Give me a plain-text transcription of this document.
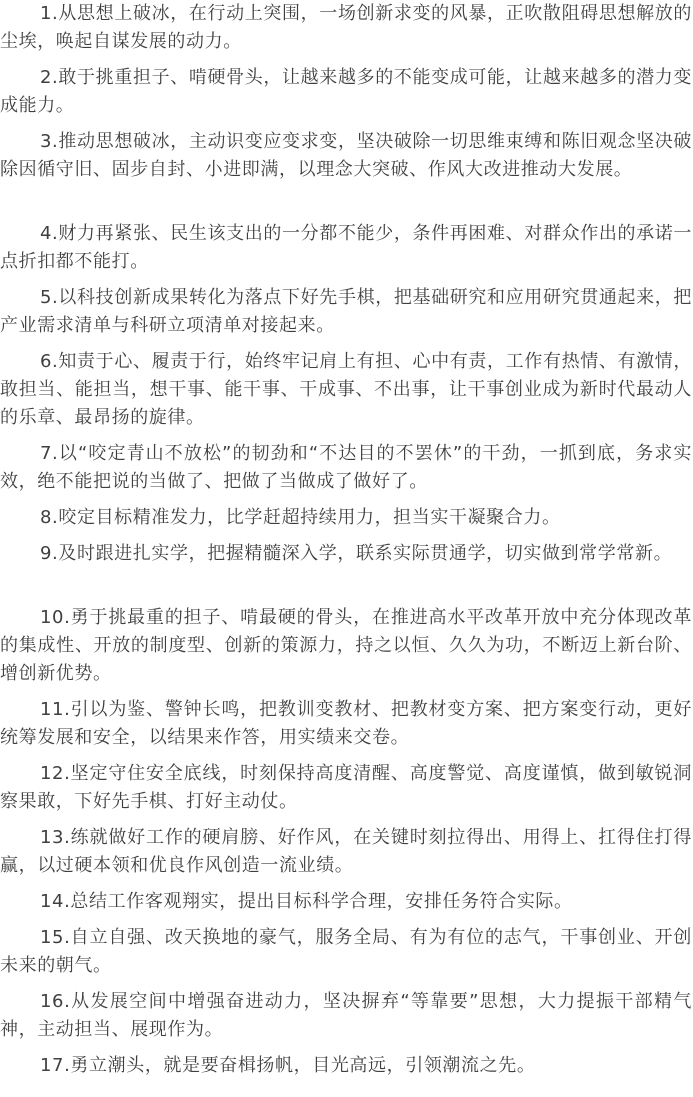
1.从思想上破冰，在行动上突围，一场创新求变的风暴，正吹散阻碍思想解放的尘埃，唤起自谋发展的动力。

2.敢于挑重担子、啃硬骨头，让越来越多的不能变成可能，让越来越多的潜力变成能力。

3.推动思想破冰，主动识变应变求变，坚决破除一切思维束缚和陈旧观念坚决破除因循守旧、固步自封、小进即满，以理念大突破、作风大改进推动大发展。

4.财力再紧张、民生该支出的一分都不能少，条件再困难、对群众作出的承诺一点折扣都不能打。

5.以科技创新成果转化为落点下好先手棋，把基础研究和应用研究贯通起来，把产业需求清单与科研立项清单对接起来。

6.知责于心、履责于行，始终牢记肩上有担、心中有责，工作有热情、有激情，敢担当、能担当，想干事、能干事、干成事、不出事，让干事创业成为新时代最动人的乐章、最昂扬的旋律。

7.以“咬定青山不放松”的韧劲和“不达目的不罢休”的干劲，一抓到底，务求实效，绝不能把说的当做了、把做了当做成了做好了。

8.咬定目标精准发力，比学赶超持续用力，担当实干凝聚合力。

9.及时跟进扎实学，把握精髓深入学，联系实际贯通学，切实做到常学常新。

10.勇于挑最重的担子、啃最硬的骨头，在推进高水平改革开放中充分体现改革的集成性、开放的制度型、创新的策源力，持之以恒、久久为功，不断迈上新台阶、增创新优势。

11.引以为鉴、警钟长鸣，把教训变教材、把教材变方案、把方案变行动，更好统筹发展和安全，以结果来作答，用实绩来交卷。

12.坚定守住安全底线，时刻保持高度清醒、高度警觉、高度谨慎，做到敏锐洞察果敢，下好先手棋、打好主动仗。

13.练就做好工作的硬肩膀、好作风，在关键时刻拉得出、用得上、扛得住打得赢，以过硬本领和优良作风创造一流业绩。

14.总结工作客观翔实，提出目标科学合理，安排任务符合实际。

15.自立自强、改天换地的豪气，服务全局、有为有位的志气，干事创业、开创未来的朝气。

16.从发展空间中增强奋进动力，坚决摒弃“等靠要”思想，大力提振干部精气神，主动担当、展现作为。

17.勇立潮头，就是要奋楫扬帆，目光高远，引领潮流之先。
